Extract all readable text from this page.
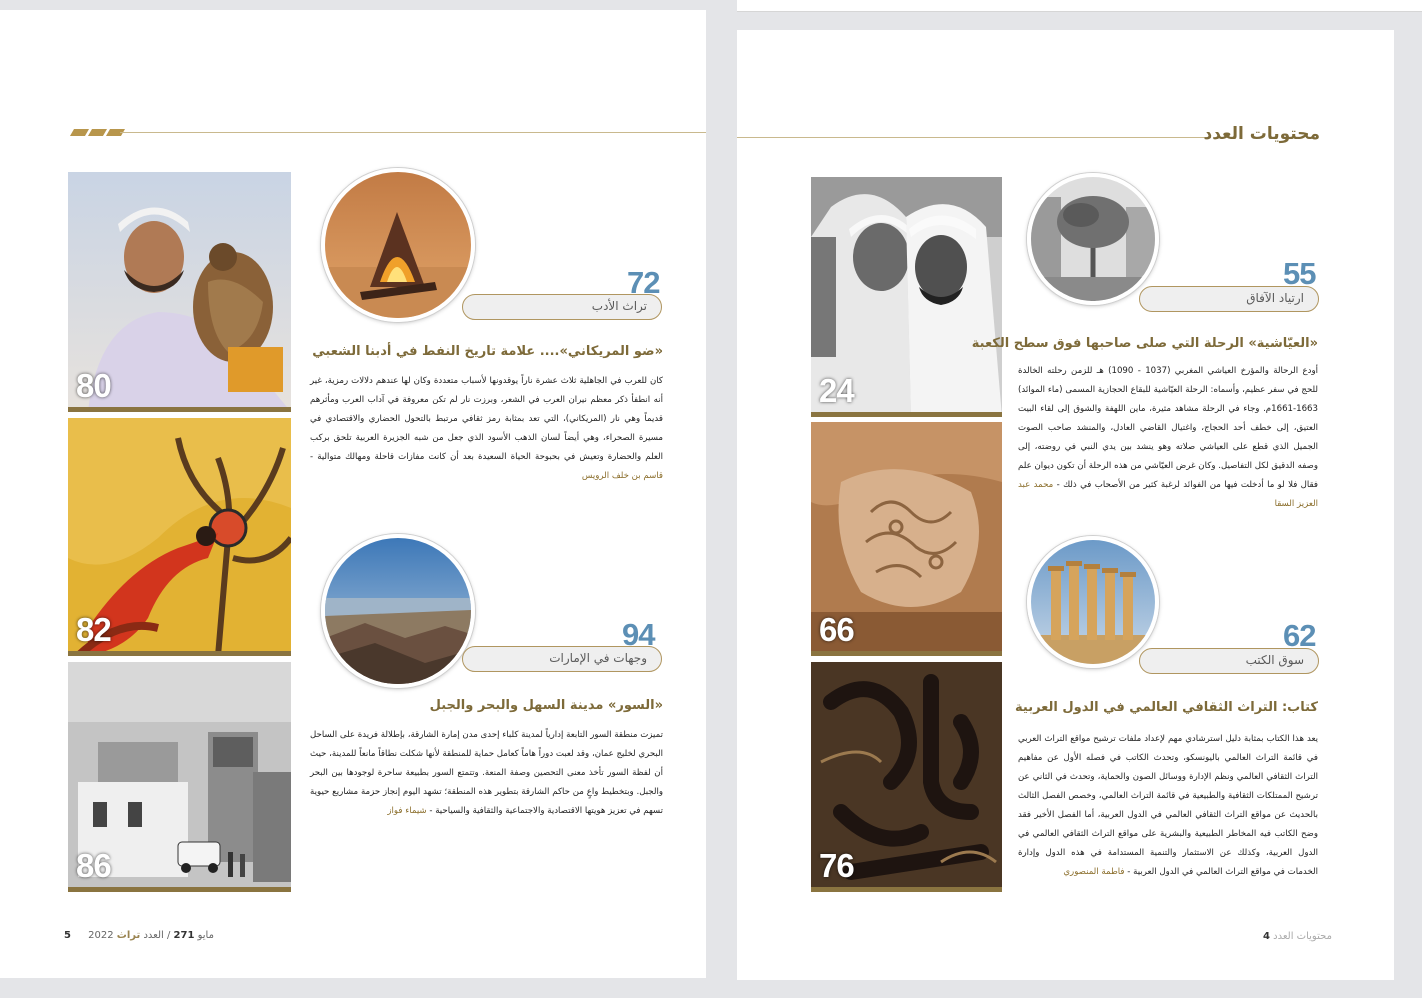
80
82
86
تراث الأدب
72
«ضو المريكاني».... علامة تاريخ النفط في أدبنا الشعبي
كان للعرب في الجاهلية ثلاث عشرة ناراً يوقدونها لأسباب متعددة وكان لها عندهم دلالات رمزية، غير أنه انطفأ ذكر معظم نيران العرب في الشعر، وبرزت نار لم تكن معروفة في آداب العرب ومأثرهم قديماً وهي نار (المريكاني)، التي تعد بمثابة رمز ثقافي مرتبط بالتحول الحضاري والاقتصادي في مسيرة الصحراء، وهي أيضاً لسان الذهب الأسود الذي جعل من شبه الجزيرة العربية تلحق بركب العلم والحضارة وتعيش في بحبوحة الحياة السعيدة بعد أن كانت مفازات قاحلة ومهالك متوالية - قاسم بن خلف الرويس
وجهات في الإمارات
94
«السور» مدينة السهل والبحر والجبل
تميزت منطقة السور التابعة إدارياً لمدينة كلباء إحدى مدن إمارة الشارقة، بإطلالة فريدة على الساحل البحري لخليج عمان، وقد لعبت دوراً هاماً كعامل حماية للمنطقة لأنها شكلت نطاقاً مانعاً للمدينة، حيث أن لفظة السور تأخذ معنى التحصين وصفة المنعة. وتتمتع السور بطبيعة ساحرة لوجودها بين البحر والجبل. وبتخطيط واعٍ من حاكم الشارقة بتطوير هذه المنطقة؛ تشهد اليوم إنجاز حزمة مشاريع حيوية تسهم في تعزيز هويتها الاقتصادية والاجتماعية والثقافية والسياحية - شيماء فواز
5 2022	مايو 271 / العدد تراث
محتويات العدد
24
66
76
ارتياد الآفاق
55
«العيّاشية» الرحلة التي صلى صاحبها فوق سطح الكعبة
أودع الرحالة والمؤرخ العياشي المغربي (1037 - 1090) هـ للزمن رحلته الخالدة للحج في سفر عظيم، وأسماه: الرحلة العيّاشية للبقاع الحجازية المسمى (ماء الموائد) 1663-1661م. وجاء في الرحلة مشاهد مثيرة، ماين اللهفة والشوق إلى لقاء البيت العتيق، إلى خطف أحد الحجاج، واغتيال القاضي العادل، والمنشد صاحب الصوت الجميل الذي قطع على العياشي صلاته وهو ينشد بين يدي النبي في روضته، إلى وصفه الدقيق لكل التفاصيل. وكان غرض العيّاشي من هذه الرحلة أن تكون ديوان علم فقال فلا لو ما أدخلت فيها من الفوائد لرغبة كثير من الأصحاب في ذلك - محمد عبد العزيز السقا
سوق الكتب
62
كتاب: التراث الثقافي العالمي في الدول العربية
يعد هذا الكتاب بمثابة دليل استرشادي مهم لإعداد ملفات ترشيح مواقع التراث العربي في قائمة التراث العالمي باليونسكو، وتحدث الكاتب في فصله الأول عن مفاهيم التراث الثقافي العالمي ونظم الإدارة ووسائل الصون والحماية، وتحدث في الثاني عن ترشيح الممتلكات الثقافية والطبيعية في قائمة التراث العالمي، وخصص الفصل الثالث بالحديث عن مواقع التراث الثقافي العالمي في الدول العربية، أما الفصل الأخير فقد وضح الكاتب فيه المخاطر الطبيعية والبشرية على مواقع التراث الثقافي العالمي في الدول العربية، وكذلك عن الاستثمار والتنمية المستدامة في هذه الدول وإدارة الخدمات في مواقع التراث العالمي في الدول العربية - فاطمة المنصوري
محتويات العدد 4
